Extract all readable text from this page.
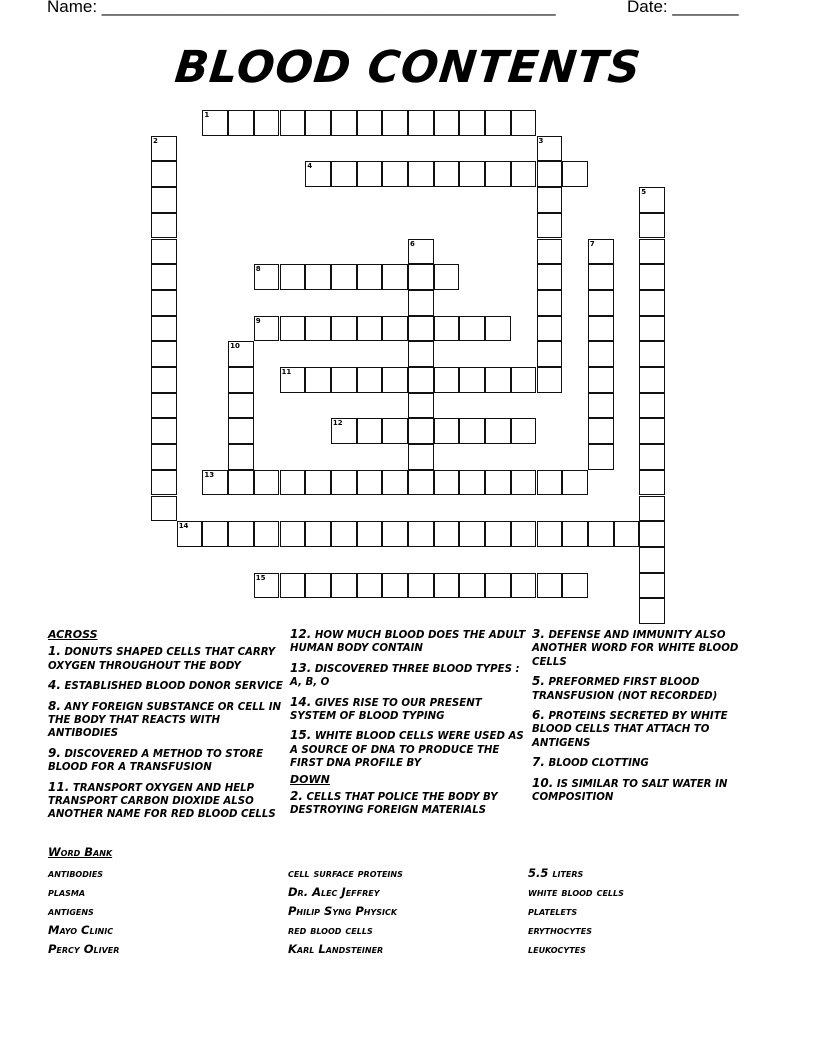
Name: ________________________________________________	Date: _______
BLOOD CONTENTS
1
2	3
4
5
6	7
8
9
10
11
12
13
14
15
ACROSS
1. DONUTS SHAPED CELLS THAT CARRY OXYGEN THROUGHOUT THE BODY
4. ESTABLISHED BLOOD DONOR SERVICE
8. ANY FOREIGN SUBSTANCE OR CELL IN THE BODY THAT REACTS WITH ANTIBODIES
9. DISCOVERED A METHOD TO STORE BLOOD FOR A TRANSFUSION
11. TRANSPORT OXYGEN AND HELP TRANSPORT CARBON DIOXIDE ALSO ANOTHER NAME FOR RED BLOOD CELLS
12. HOW MUCH BLOOD DOES THE ADULT HUMAN BODY CONTAIN
13. DISCOVERED THREE BLOOD TYPES : A, B, O
14. GIVES RISE TO OUR PRESENT SYSTEM OF BLOOD TYPING
15. WHITE BLOOD CELLS WERE USED AS A SOURCE OF DNA TO PRODUCE THE FIRST DNA PROFILE BY
DOWN
2. CELLS THAT POLICE THE BODY BY DESTROYING FOREIGN MATERIALS
3. DEFENSE AND IMMUNITY ALSO ANOTHER WORD FOR WHITE BLOOD CELLS
5. PREFORMED FIRST BLOOD TRANSFUSION (NOT RECORDED)
6. PROTEINS SECRETED BY WHITE BLOOD CELLS THAT ATTACH TO ANTIGENS
7. BLOOD CLOTTING
10. IS SIMILAR TO SALT WATER IN COMPOSITION
Word Bank
antibodies
plasma
antigens
Mayo Clinic
Percy Oliver
cell surface proteins
Dr. Alec Jeffrey
Philip Syng Physick
red blood cells
Karl Landsteiner
5.5 liters
white blood cells
platelets
erythocytes
leukocytes
